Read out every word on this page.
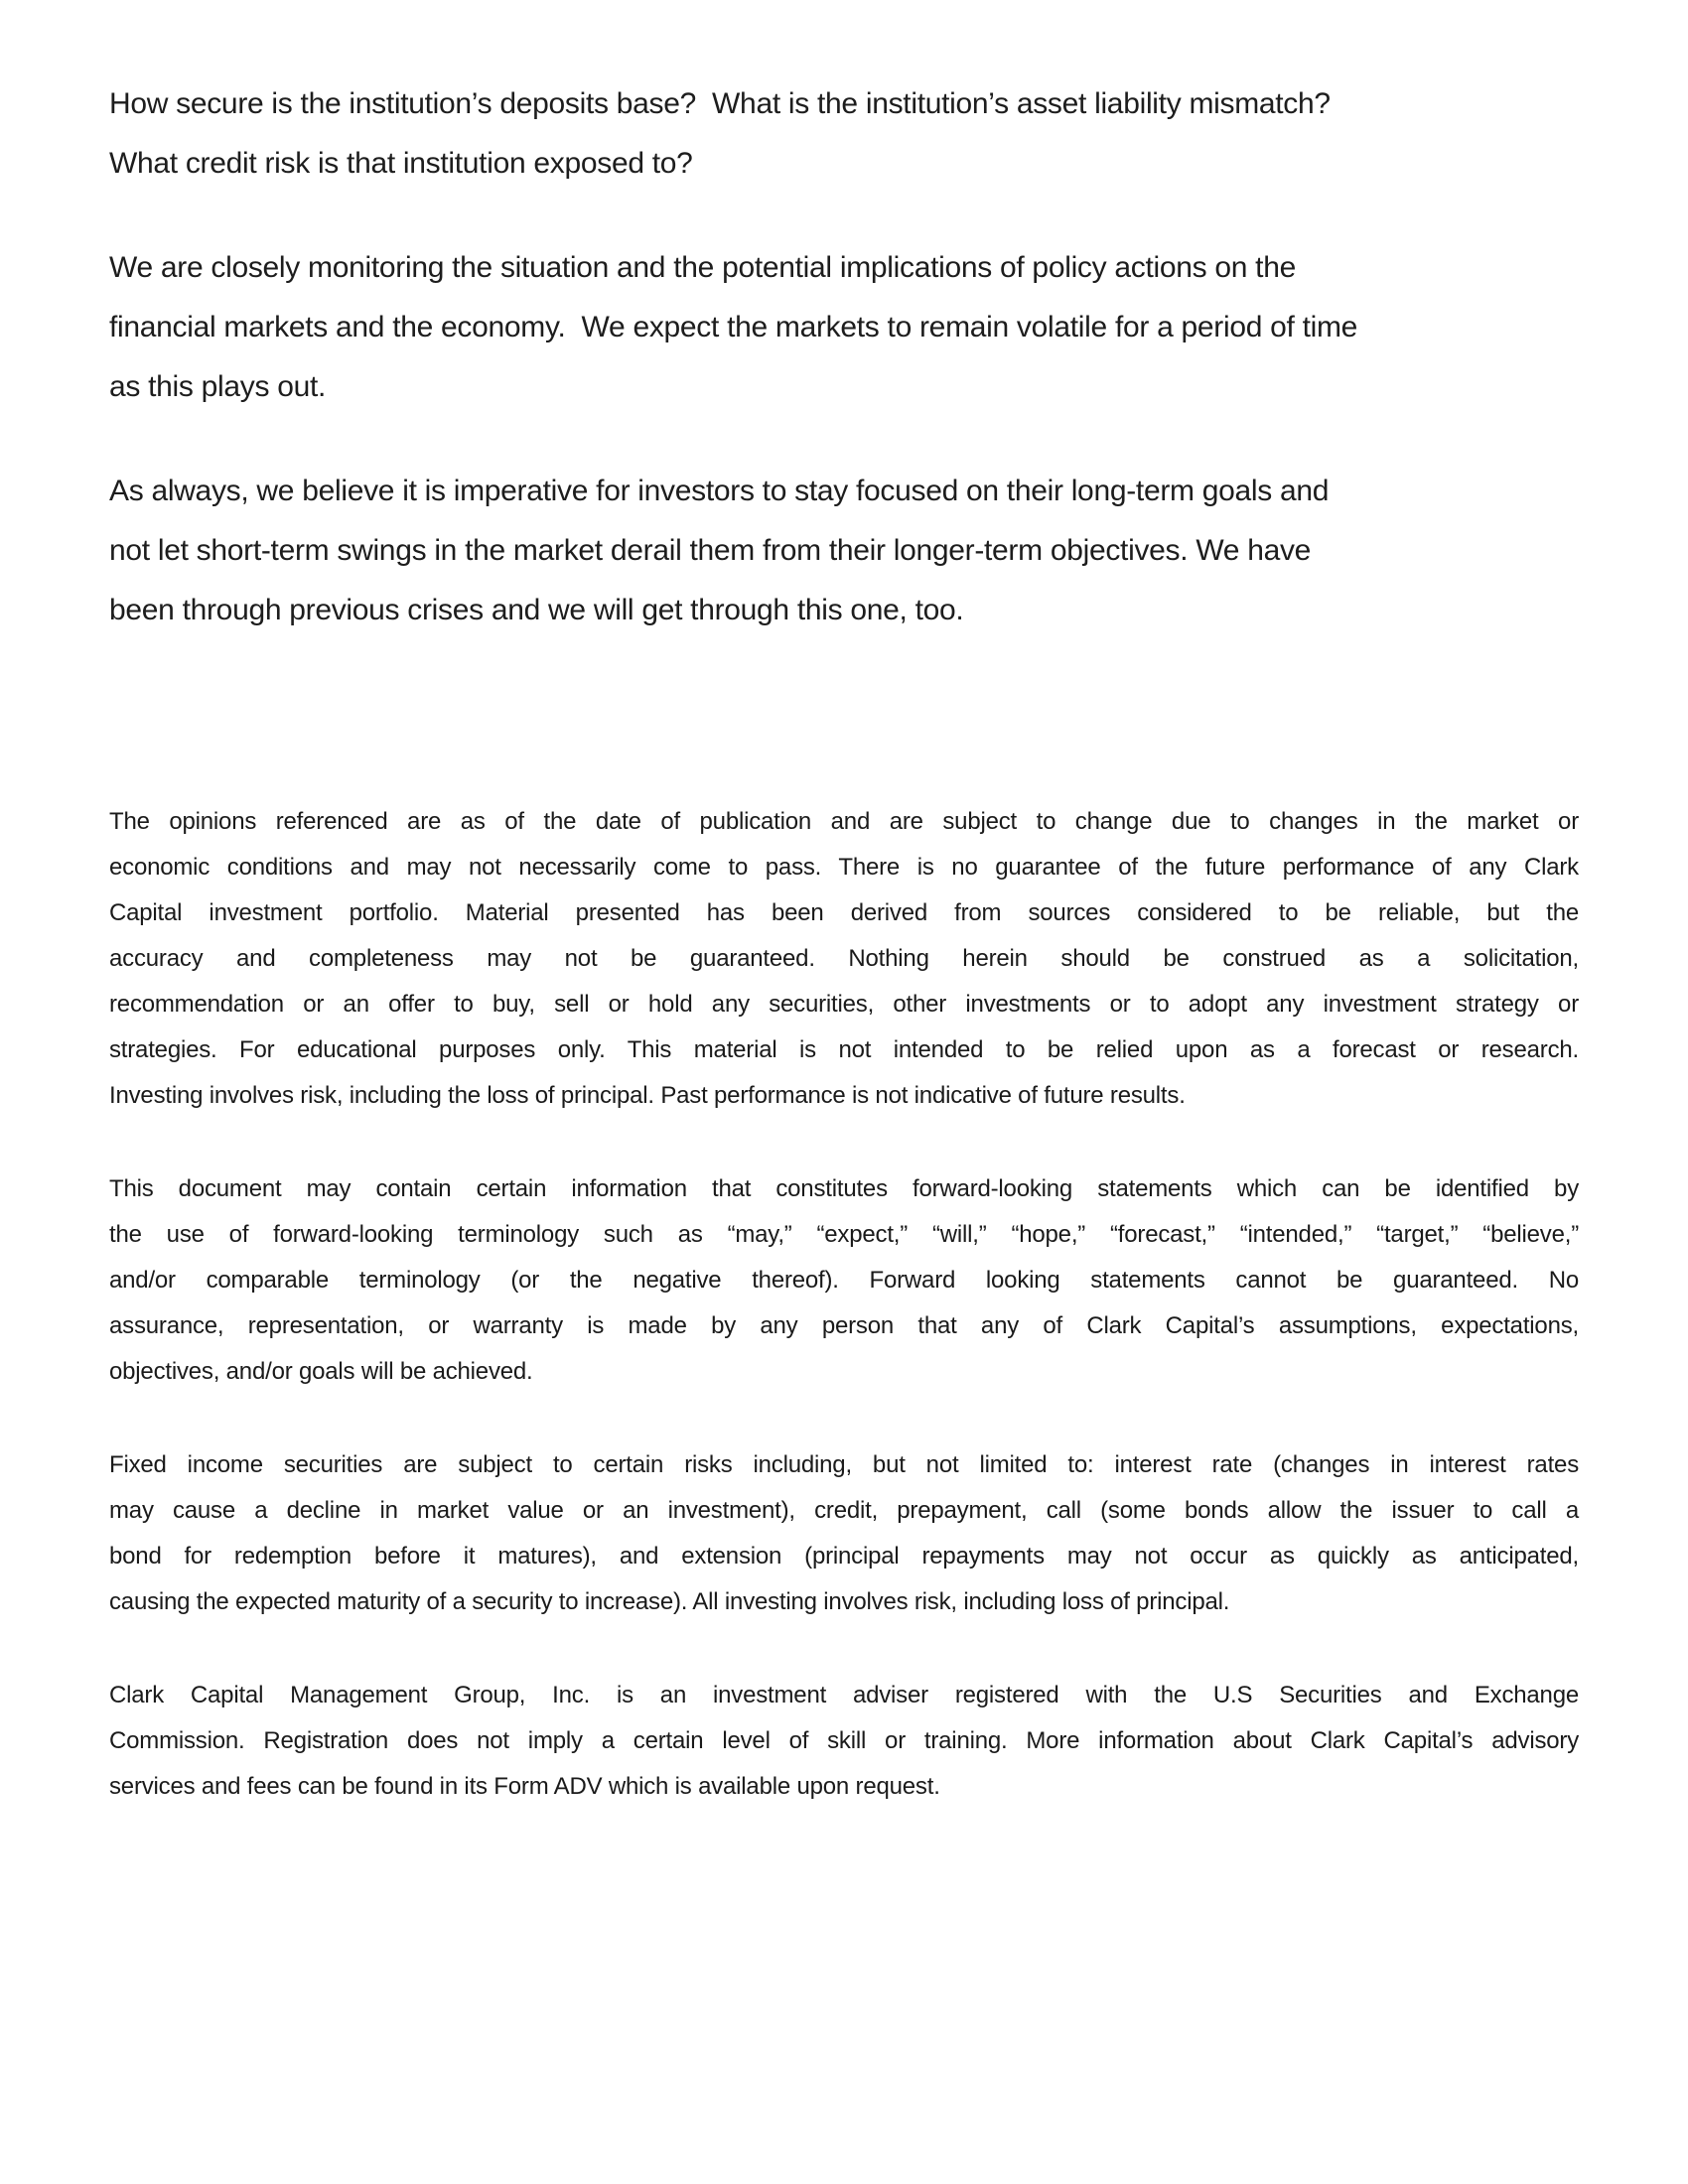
How secure is the institution’s deposits base?  What is the institution’s asset liability mismatch?
What credit risk is that institution exposed to?
We are closely monitoring the situation and the potential implications of policy actions on the
financial markets and the economy.  We expect the markets to remain volatile for a period of time
as this plays out.
As always, we believe it is imperative for investors to stay focused on their long-term goals and
not let short-term swings in the market derail them from their longer-term objectives. We have
been through previous crises and we will get through this one, too.
The opinions referenced are as of the date of publication and are subject to change due to changes in the market or
economic conditions and may not necessarily come to pass. There is no guarantee of the future performance of any Clark
Capital investment portfolio. Material presented has been derived from sources considered to be reliable, but the
accuracy and completeness may not be guaranteed. Nothing herein should be construed as a solicitation,
recommendation or an offer to buy, sell or hold any securities, other investments or to adopt any investment strategy or
strategies. For educational purposes only. This material is not intended to be relied upon as a forecast or research.
Investing involves risk, including the loss of principal. Past performance is not indicative of future results.
This document may contain certain information that constitutes forward-looking statements which can be identified by
the use of forward-looking terminology such as “may,” “expect,” “will,” “hope,” “forecast,” “intended,” “target,” “believe,”
and/or comparable terminology (or the negative thereof). Forward looking statements cannot be guaranteed. No
assurance, representation, or warranty is made by any person that any of Clark Capital’s assumptions, expectations,
objectives, and/or goals will be achieved.
Fixed income securities are subject to certain risks including, but not limited to: interest rate (changes in interest rates
may cause a decline in market value or an investment), credit, prepayment, call (some bonds allow the issuer to call a
bond for redemption before it matures), and extension (principal repayments may not occur as quickly as anticipated,
causing the expected maturity of a security to increase). All investing involves risk, including loss of principal.
Clark Capital Management Group, Inc. is an investment adviser registered with the U.S Securities and Exchange
Commission. Registration does not imply a certain level of skill or training. More information about Clark Capital’s advisory
services and fees can be found in its Form ADV which is available upon request.
